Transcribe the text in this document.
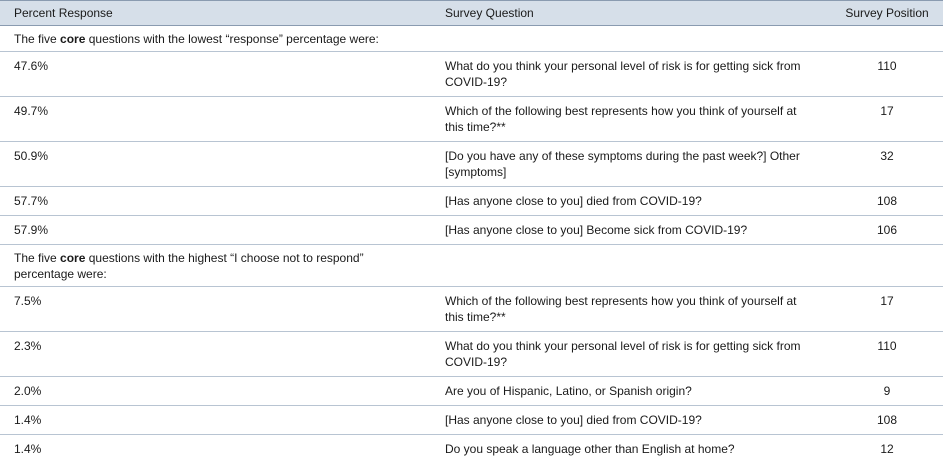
Percent Response	Survey Question	Survey Position
The five core questions with the lowest “response” percentage were:		
47.6%	What do you think your personal level of risk is for getting sick from COVID-19?	110
49.7%	Which of the following best represents how you think of yourself at this time?**	17
50.9%	[Do you have any of these symptoms during the past week?] Other [symptoms]	32
57.7%	[Has anyone close to you] died from COVID-19?	108
57.9%	[Has anyone close to you] Become sick from COVID-19?	106
The five core questions with the highest “I choose not to respond” percentage were:		
7.5%	Which of the following best represents how you think of yourself at this time?**	17
2.3%	What do you think your personal level of risk is for getting sick from COVID-19?	110
2.0%	Are you of Hispanic, Latino, or Spanish origin?	9
1.4%	[Has anyone close to you] died from COVID-19?	108
1.4%	Do you speak a language other than English at home?	12
